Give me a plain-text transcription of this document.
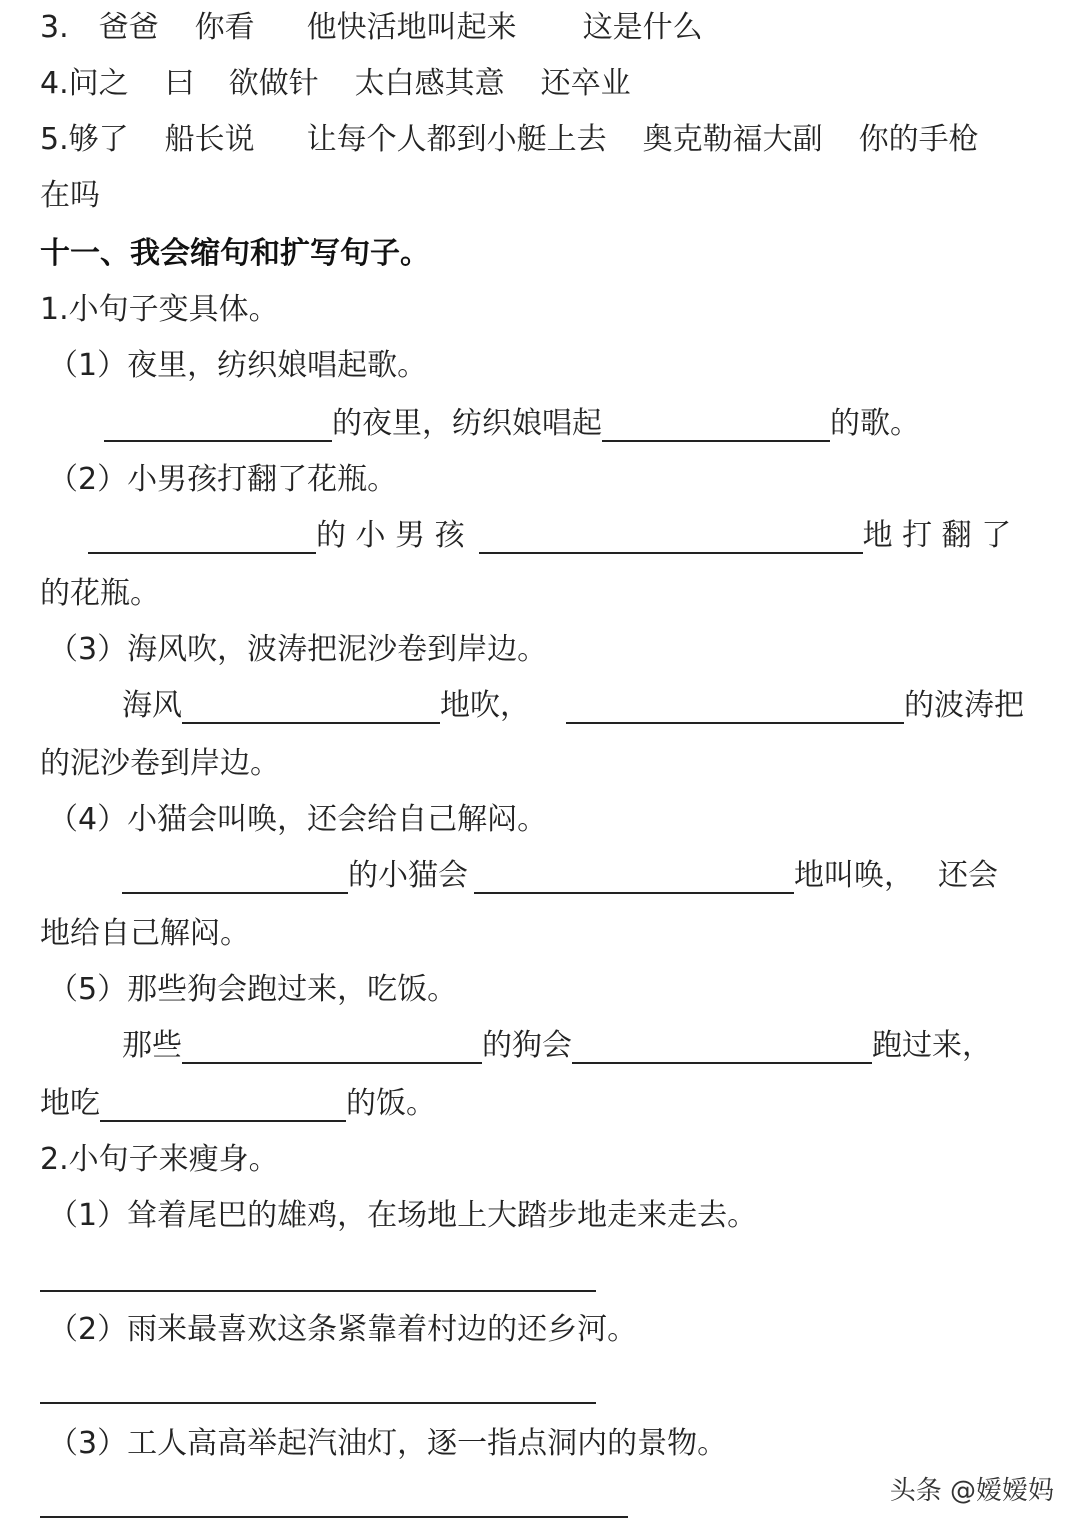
3. 爸爸 你看 他快活地叫起来 这是什么
4.问之 曰 欲做针 太白感其意 还卒业
5.够了 船长说 让每个人都到小艇上去 奥克勒福大副 你的手枪
在吗
十一、我会缩句和扩写句子。
1.小句子变具体。
（1）夜里，纺织娘唱起歌。
的夜里，纺织娘唱起	的歌。
（2）小男孩打翻了花瓶。
的 小 男 孩	地 打 翻 了
的花瓶。
（3）海风吹，波涛把泥沙卷到岸边。
海风	地吹，	的波涛把
的泥沙卷到岸边。
（4）小猫会叫唤，还会给自己解闷。
的小猫会	地叫唤， 还会
地给自己解闷。
（5）那些狗会跑过来，吃饭。
那些	的狗会	跑过来，
地吃	的饭。
2.小句子来瘦身。
（1）耸着尾巴的雄鸡，在场地上大踏步地走来走去。
（2）雨来最喜欢这条紧靠着村边的还乡河。
（3）工人高高举起汽油灯，逐一指点洞内的景物。
头条 @嫒嫒妈
